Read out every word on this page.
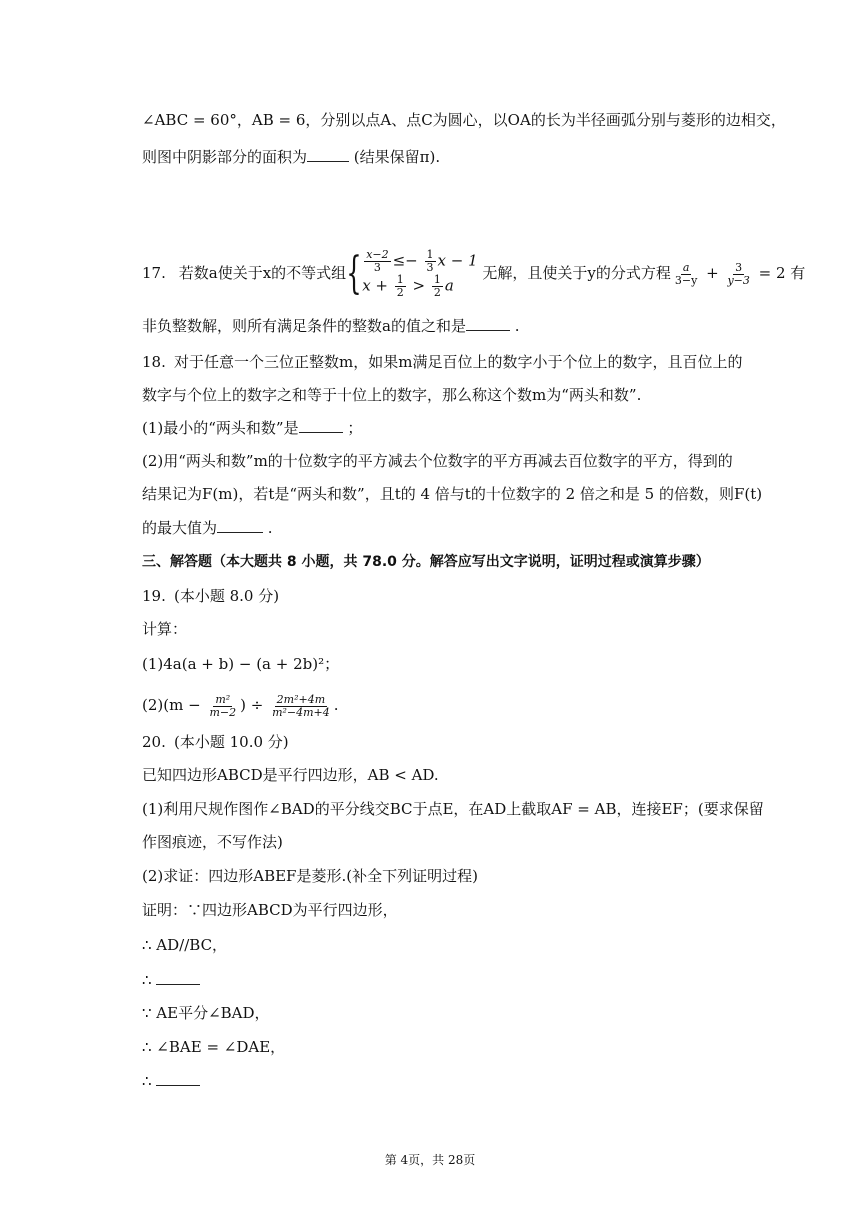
∠ABC = 60°，AB = 6，分别以点A、点C为圆心，以OA的长为半径画弧分别与菱形的边相交，
则图中阴影部分的面积为	(结果保留π).
17. 若数a使关于x的不等式组{ $\frac{x-2}{3} \le- \frac{1}{3}$ x − 1
$x + \frac{1}{2} > \frac{1}{2}$ a
无解，且使关于y的分式方程 $\frac{a}{3-y} + \frac{3}{y-3} = 2$ 有
非负整数解，则所有满足条件的整数a的值之和是	.
18. 对于任意一个三位正整数m，如果m满足百位上的数字小于个位上的数字，且百位上的
数字与个位上的数字之和等于十位上的数字，那么称这个数m为“两头和数”.
(1)最小的“两头和数”是	；
(2)用“两头和数”m的十位数字的平方减去个位数字的平方再减去百位数字的平方，得到的
结果记为F(m)，若t是“两头和数”，且t的 4 倍与t的十位数字的 2 倍之和是 5 的倍数，则F(t)
的最大值为	.
三、解答题（本大题共 8 小题，共 78.0 分。解答应写出文字说明，证明过程或演算步骤）
19. (本小题 8.0 分)
计算：
(1)4a(a + b) − (a + 2b)²；
$(2)(m - \frac{\text{m²}}{m-2}$ ) ÷ $\frac{\text{2m²+4m}}{\text{m²−4m+4}}$ .
20. (本小题 10.0 分)
已知四边形ABCD是平行四边形，AB < AD.
(1)利用尺规作图作∠BAD的平分线交BC于点E，在AD上截取AF = AB，连接EF；(要求保留
作图痕迹，不写作法)
(2)求证：四边形ABEF是菱形.(补全下列证明过程)
证明：∵四边形ABCD为平行四边形，
∴ AD//BC，
∴
∵ AE平分∠BAD，
∴ ∠BAE = ∠DAE，
∴
第 4页，共 28页
